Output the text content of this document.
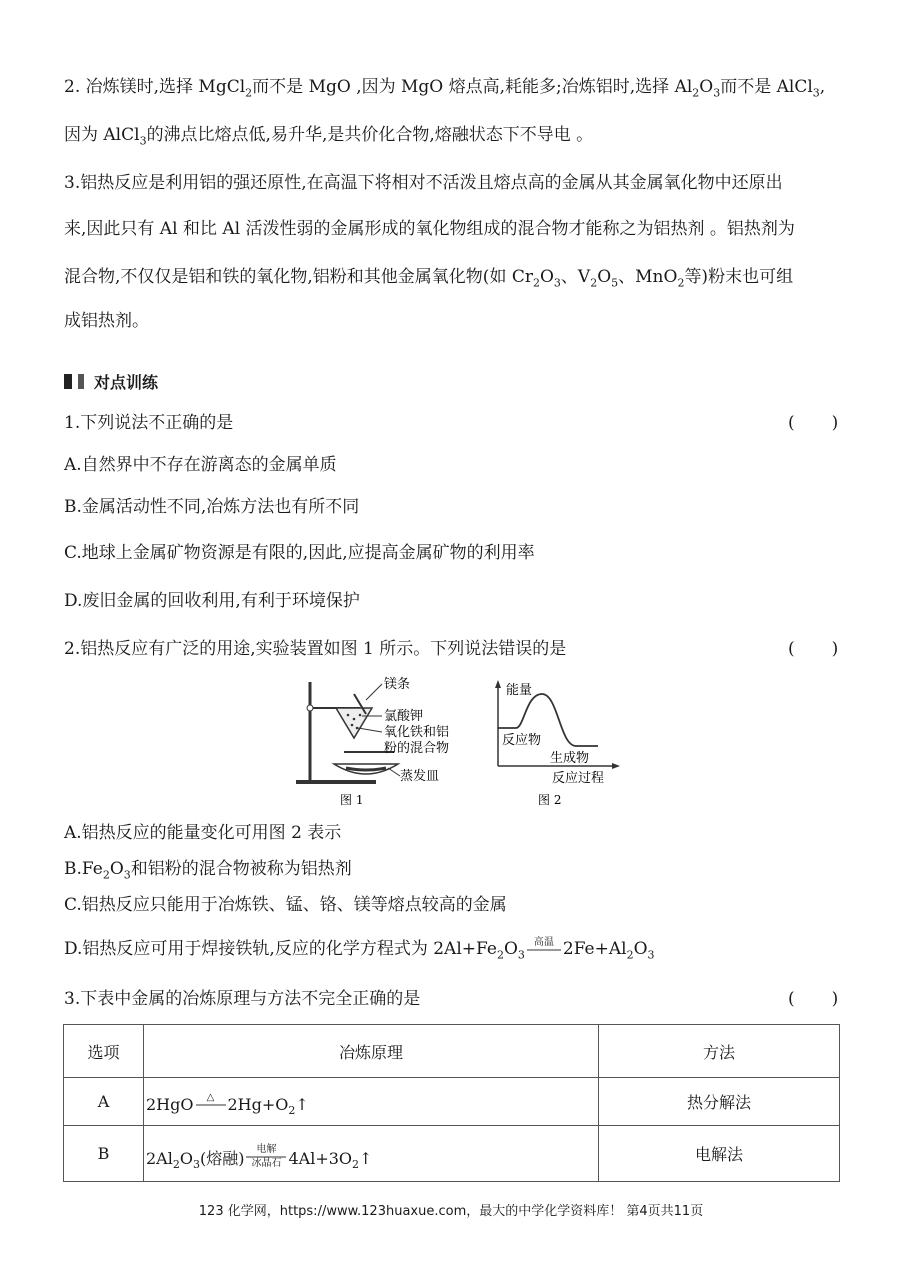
2. 冶炼镁时,选择 MgCl$_2$而不是 MgO ,因为 MgO 熔点高,耗能多;冶炼铝时,选择 $Al_2O_3$而不是 AlCl$_3$,
因为 AlCl$_3$的沸点比熔点低,易升华,是共价化合物,熔融状态下不导电 。
3.铝热反应是利用铝的强还原性,在高温下将相对不活泼且熔点高的金属从其金属氧化物中还原出
来,因此只有 Al 和比 Al 活泼性弱的金属形成的氧化物组成的混合物才能称之为铝热剂 。铝热剂为
混合物,不仅仅是铝和铁的氧化物,铝粉和其他金属氧化物(如 $Cr_2O_3$、$V_2O_5$、MnO$_2$等)粉末也可组
成铝热剂。
对点训练
1.下列说法不正确的是	(　　)
A.自然界中不存在游离态的金属单质
B.金属活动性不同,冶炼方法也有所不同
C.地球上金属矿物资源是有限的,因此,应提高金属矿物的利用率
D.废旧金属的回收利用,有利于环境保护
2.铝热反应有广泛的用途,实验装置如图 1 所示。下列说法错误的是	(　　)
镁条
氯酸钾
氧化铁和铝
粉的混合物
蒸发皿
图 1
能量
反应物
生成物
反应过程
图 2
A.铝热反应的能量变化可用图 2 表示
$B.Fe_2O_3$和铝粉的混合物被称为铝热剂
C.铝热反应只能用于冶炼铁、锰、铬、镁等熔点较高的金属
D.铝热反应可用于焊接铁轨,反应的化学方程式为 $2Al+Fe_2O_3$
高温 $2Fe+Al_2O_3$
3.下表中金属的冶炼原理与方法不完全正确的是	(　　)
选项	冶炼原理	方法
A	2HgO △ $2Hg+O_2↑$	热分解法
B	$2Al_2O_3$(熔融) 电解
冰晶石 $4Al+3O_2↑$	电解法
123 化学网，https://www.123huaxue.com，最大的中学化学资料库！ 第4页共11页
